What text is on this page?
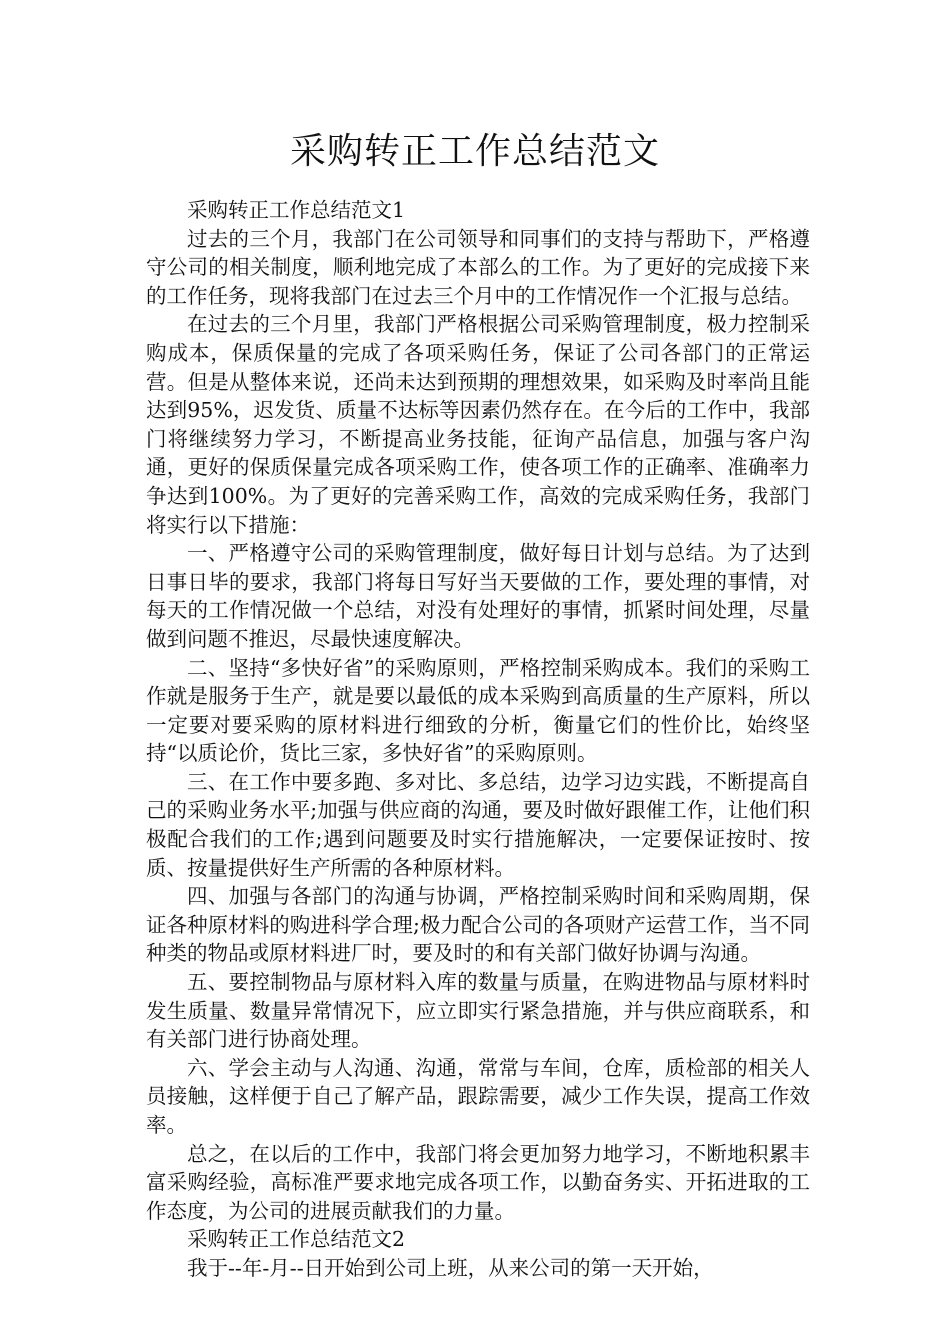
采购转正工作总结范文

采购转正工作总结范文1

过去的三个月，我部门在公司领导和同事们的支持与帮助下，严格遵守公司的相关制度，顺利地完成了本部么的工作。为了更好的完成接下来的工作任务，现将我部门在过去三个月中的工作情况作一个汇报与总结。

在过去的三个月里，我部门严格根据公司采购管理制度，极力控制采购成本，保质保量的完成了各项采购任务，保证了公司各部门的正常运营。但是从整体来说，还尚未达到预期的理想效果，如采购及时率尚且能达到95%，迟发货、质量不达标等因素仍然存在。在今后的工作中，我部门将继续努力学习，不断提高业务技能，征询产品信息，加强与客户沟通，更好的保质保量完成各项采购工作，使各项工作的正确率、准确率力争达到100%。为了更好的完善采购工作，高效的完成采购任务，我部门将实行以下措施：

一、严格遵守公司的采购管理制度，做好每日计划与总结。为了达到日事日毕的要求，我部门将每日写好当天要做的工作，要处理的事情，对每天的工作情况做一个总结，对没有处理好的事情，抓紧时间处理，尽量做到问题不推迟，尽最快速度解决。

二、坚持“多快好省”的采购原则，严格控制采购成本。我们的采购工作就是服务于生产，就是要以最低的成本采购到高质量的生产原料，所以一定要对要采购的原材料进行细致的分析，衡量它们的性价比，始终坚持“以质论价，货比三家，多快好省”的采购原则。

三、在工作中要多跑、多对比、多总结，边学习边实践，不断提高自己的采购业务水平;加强与供应商的沟通，要及时做好跟催工作，让他们积极配合我们的工作;遇到问题要及时实行措施解决，一定要保证按时、按质、按量提供好生产所需的各种原材料。

四、加强与各部门的沟通与协调，严格控制采购时间和采购周期，保证各种原材料的购进科学合理;极力配合公司的各项财产运营工作，当不同种类的物品或原材料进厂时，要及时的和有关部门做好协调与沟通。

五、要控制物品与原材料入库的数量与质量，在购进物品与原材料时发生质量、数量异常情况下，应立即实行紧急措施，并与供应商联系，和有关部门进行协商处理。

六、学会主动与人沟通、沟通，常常与车间，仓库，质检部的相关人员接触，这样便于自己了解产品，跟踪需要，减少工作失误，提高工作效率。

总之，在以后的工作中，我部门将会更加努力地学习，不断地积累丰富采购经验，高标准严要求地完成各项工作，以勤奋务实、开拓进取的工作态度，为公司的进展贡献我们的力量。

采购转正工作总结范文2

我于--年-月--日开始到公司上班，从来公司的第一天开始，
